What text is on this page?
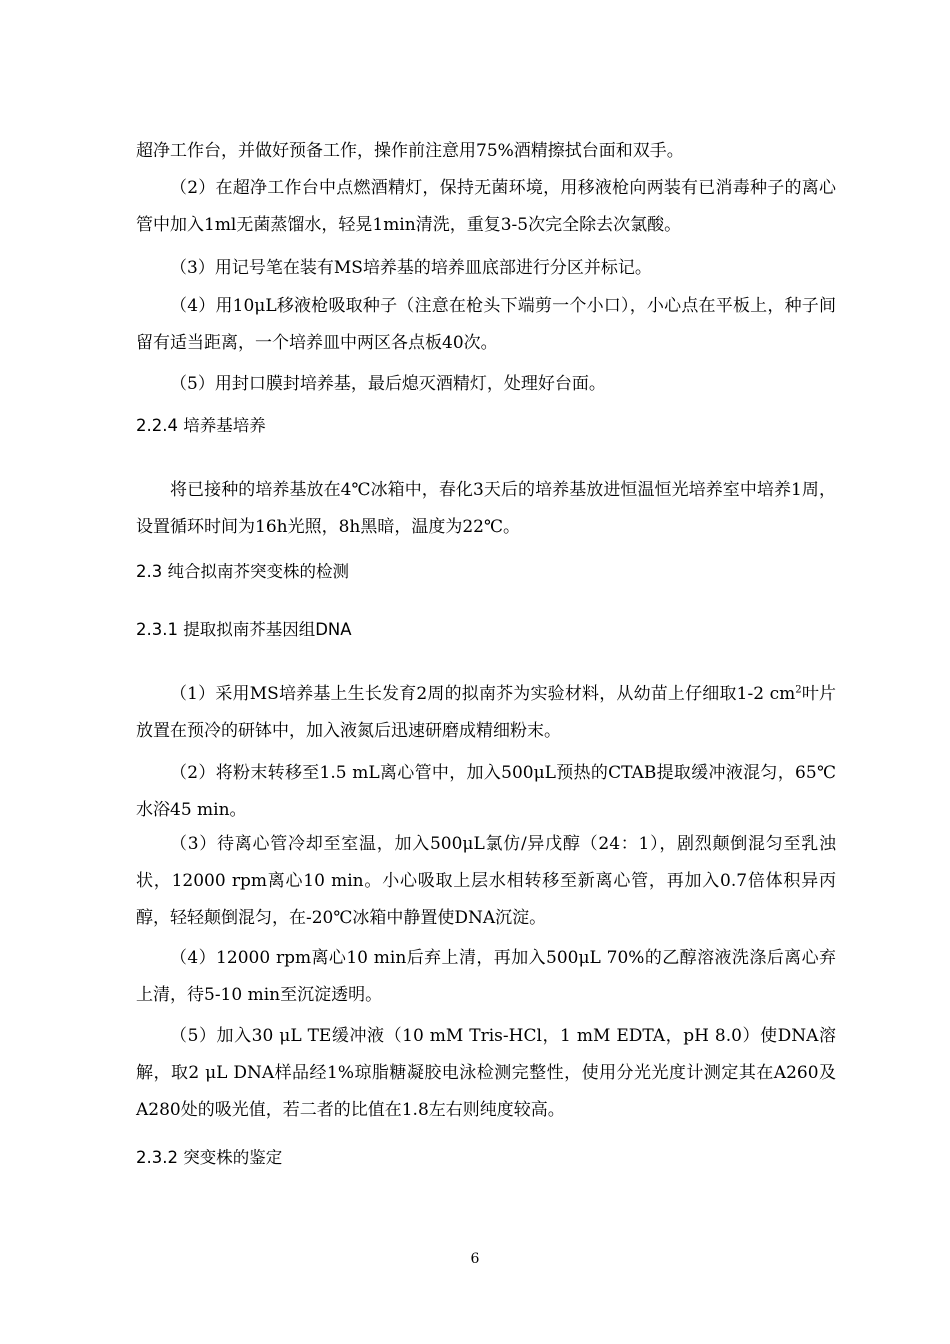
超净工作台，并做好预备工作，操作前注意用75%酒精擦拭台面和双手。

（2）在超净工作台中点燃酒精灯，保持无菌环境，用移液枪向两装有已消毒种子的离心管中加入1ml无菌蒸馏水，轻晃1min清洗，重复3-5次完全除去次氯酸。

（3）用记号笔在装有MS培养基的培养皿底部进行分区并标记。

（4）用10μL移液枪吸取种子（注意在枪头下端剪一个小口），小心点在平板上，种子间留有适当距离，一个培养皿中两区各点板40次。

（5）用封口膜封培养基，最后熄灭酒精灯，处理好台面。

2.2.4 培养基培养

将已接种的培养基放在4℃冰箱中，春化3天后的培养基放进恒温恒光培养室中培养1周，设置循环时间为16h光照，8h黑暗，温度为22℃。

2.3 纯合拟南芥突变株的检测
2.3.1 提取拟南芥基因组DNA

（1）采用MS培养基上生长发育2周的拟南芥为实验材料，从幼苗上仔细取1-2 $cm^2$叶片放置在预冷的研钵中，加入液氮后迅速研磨成精细粉末。

（2）将粉末转移至1.5 mL离心管中，加入500μL预热的CTAB提取缓冲液混匀，65℃水浴45 min。

（3）待离心管冷却至室温，加入500μL氯仿/异戊醇（24：1），剧烈颠倒混匀至乳浊状，12000 rpm离心10 min。小心吸取上层水相转移至新离心管，再加入0.7倍体积异丙醇，轻轻颠倒混匀，在-20℃冰箱中静置使DNA沉淀。

（4）12000 rpm离心10 min后弃上清，再加入500μL 70%的乙醇溶液洗涤后离心弃上清，待5-10 min至沉淀透明。

（5）加入30 μL TE缓冲液（10 mM Tris-HCl，1 mM EDTA，pH 8.0）使DNA溶解，取2 μL DNA样品经1%琼脂糖凝胶电泳检测完整性，使用分光光度计测定其在A260及A280处的吸光值，若二者的比值在1.8左右则纯度较高。

2.3.2 突变株的鉴定
6
